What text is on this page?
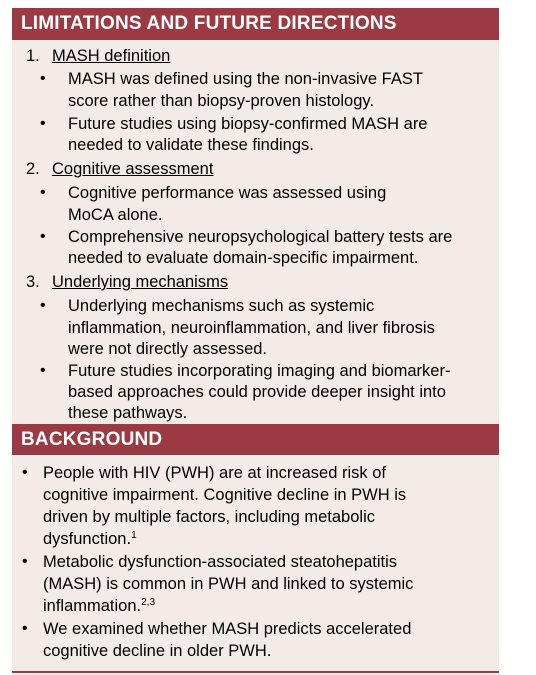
LIMITATIONS AND FUTURE DIRECTIONS
1. MASH definition
• MASH was defined using the non-invasive FAST
score rather than biopsy-proven histology.
• Future studies using biopsy-confirmed MASH are
needed to validate these findings.
2. Cognitive assessment
• Cognitive performance was assessed using
MoCA alone.
• Comprehensive neuropsychological battery tests are
needed to evaluate domain-specific impairment.
3. Underlying mechanisms
• Underlying mechanisms such as systemic
inflammation, neuroinflammation, and liver fibrosis
were not directly assessed.
• Future studies incorporating imaging and biomarker-
based approaches could provide deeper insight into
these pathways.
BACKGROUND
• People with HIV (PWH) are at increased risk of
cognitive impairment. Cognitive decline in PWH is
driven by multiple factors, including metabolic
dysfunction.$^1$
• Metabolic dysfunction-associated steatohepatitis
(MASH) is common in PWH and linked to systemic
inflammation.$^{2,3}$
• We examined whether MASH predicts accelerated
cognitive decline in older PWH.
